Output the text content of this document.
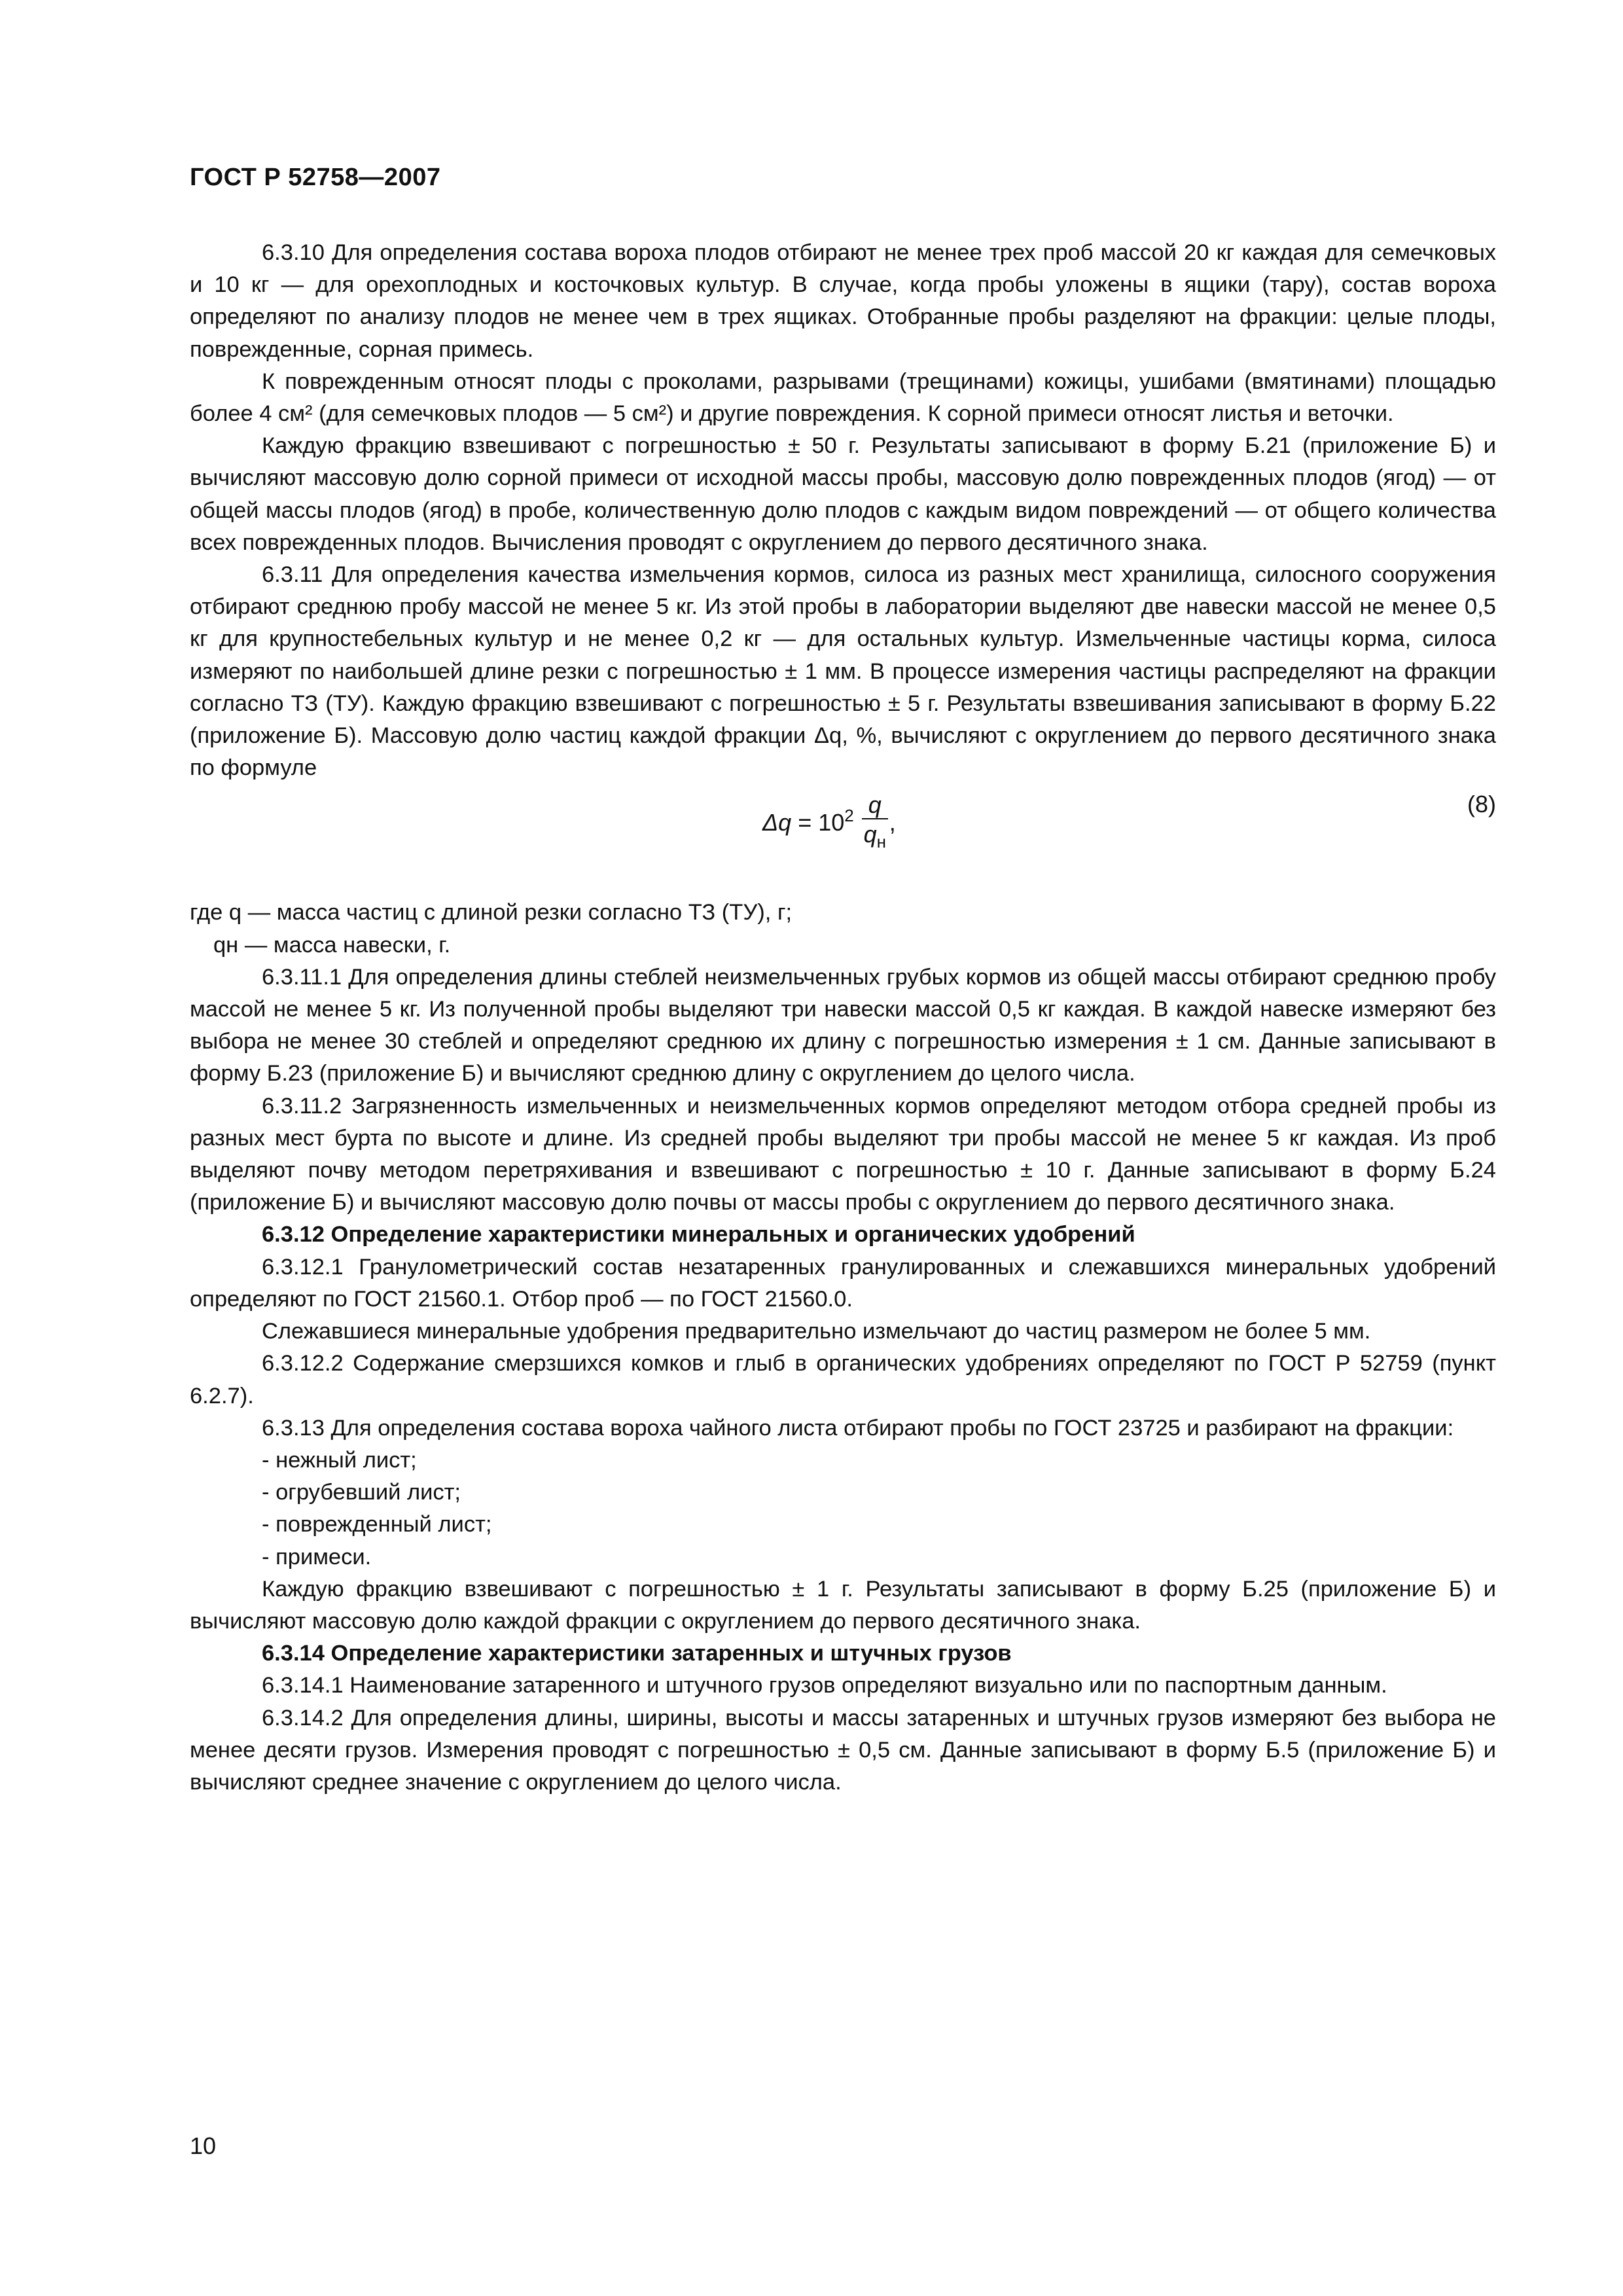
ГОСТ Р 52758—2007

6.3.10 Для определения состава вороха плодов отбирают не менее трех проб массой 20 кг каждая для семечковых и 10 кг — для орехоплодных и косточковых культур. В случае, когда пробы уложены в ящики (тару), состав вороха определяют по анализу плодов не менее чем в трех ящиках. Отобранные пробы разделяют на фракции: целые плоды, поврежденные, сорная примесь.

К поврежденным относят плоды с проколами, разрывами (трещинами) кожицы, ушибами (вмятинами) площадью более 4 см² (для семечковых плодов — 5 см²) и другие повреждения. К сорной примеси относят листья и веточки.

Каждую фракцию взвешивают с погрешностью ± 50 г. Результаты записывают в форму Б.21 (приложение Б) и вычисляют массовую долю сорной примеси от исходной массы пробы, массовую долю поврежденных плодов (ягод) — от общей массы плодов (ягод) в пробе, количественную долю плодов с каждым видом повреждений — от общего количества всех поврежденных плодов. Вычисления проводят с округлением до первого десятичного знака.

6.3.11 Для определения качества измельчения кормов, силоса из разных мест хранилища, силосного сооружения отбирают среднюю пробу массой не менее 5 кг. Из этой пробы в лаборатории выделяют две навески массой не менее 0,5 кг для крупностебельных культур и не менее 0,2 кг — для остальных культур. Измельченные частицы корма, силоса измеряют по наибольшей длине резки с погрешностью ± 1 мм. В процессе измерения частицы распределяют на фракции согласно ТЗ (ТУ). Каждую фракцию взвешивают с погрешностью ± 5 г. Результаты взвешивания записывают в форму Б.22 (приложение Б). Массовую долю частиц каждой фракции Δq, %, вычисляют с округлением до первого десятичного знака по формуле

$\Delta q = 10^2 \frac{q}{q_н}$ ,
(8)

где q — масса частиц с длиной резки согласно ТЗ (ТУ), г;

qн — масса навески, г.

6.3.11.1 Для определения длины стеблей неизмельченных грубых кормов из общей массы отбирают среднюю пробу массой не менее 5 кг. Из полученной пробы выделяют три навески массой 0,5 кг каждая. В каждой навеске измеряют без выбора не менее 30 стеблей и определяют среднюю их длину с погрешностью измерения ± 1 см. Данные записывают в форму Б.23 (приложение Б) и вычисляют среднюю длину с округлением до целого числа.

6.3.11.2 Загрязненность измельченных и неизмельченных кормов определяют методом отбора средней пробы из разных мест бурта по высоте и длине. Из средней пробы выделяют три пробы массой не менее 5 кг каждая. Из проб выделяют почву методом перетряхивания и взвешивают с погрешностью ± 10 г. Данные записывают в форму Б.24 (приложение Б) и вычисляют массовую долю почвы от массы пробы с округлением до первого десятичного знака.

6.3.12 Определение характеристики минеральных и органических удобрений

6.3.12.1 Гранулометрический состав незатаренных гранулированных и слежавшихся минеральных удобрений определяют по ГОСТ 21560.1. Отбор проб — по ГОСТ 21560.0.

Слежавшиеся минеральные удобрения предварительно измельчают до частиц размером не более 5 мм.

6.3.12.2 Содержание смерзшихся комков и глыб в органических удобрениях определяют по ГОСТ Р 52759 (пункт 6.2.7).

6.3.13 Для определения состава вороха чайного листа отбирают пробы по ГОСТ 23725 и разбирают на фракции:

- нежный лист;

- огрубевший лист;

- поврежденный лист;

- примеси.

Каждую фракцию взвешивают с погрешностью ± 1 г. Результаты записывают в форму Б.25 (приложение Б) и вычисляют массовую долю каждой фракции с округлением до первого десятичного знака.

6.3.14 Определение характеристики затаренных и штучных грузов

6.3.14.1 Наименование затаренного и штучного грузов определяют визуально или по паспортным данным.

6.3.14.2 Для определения длины, ширины, высоты и массы затаренных и штучных грузов измеряют без выбора не менее десяти грузов. Измерения проводят с погрешностью ± 0,5 см. Данные записывают в форму Б.5 (приложение Б) и вычисляют среднее значение с округлением до целого числа.

10
